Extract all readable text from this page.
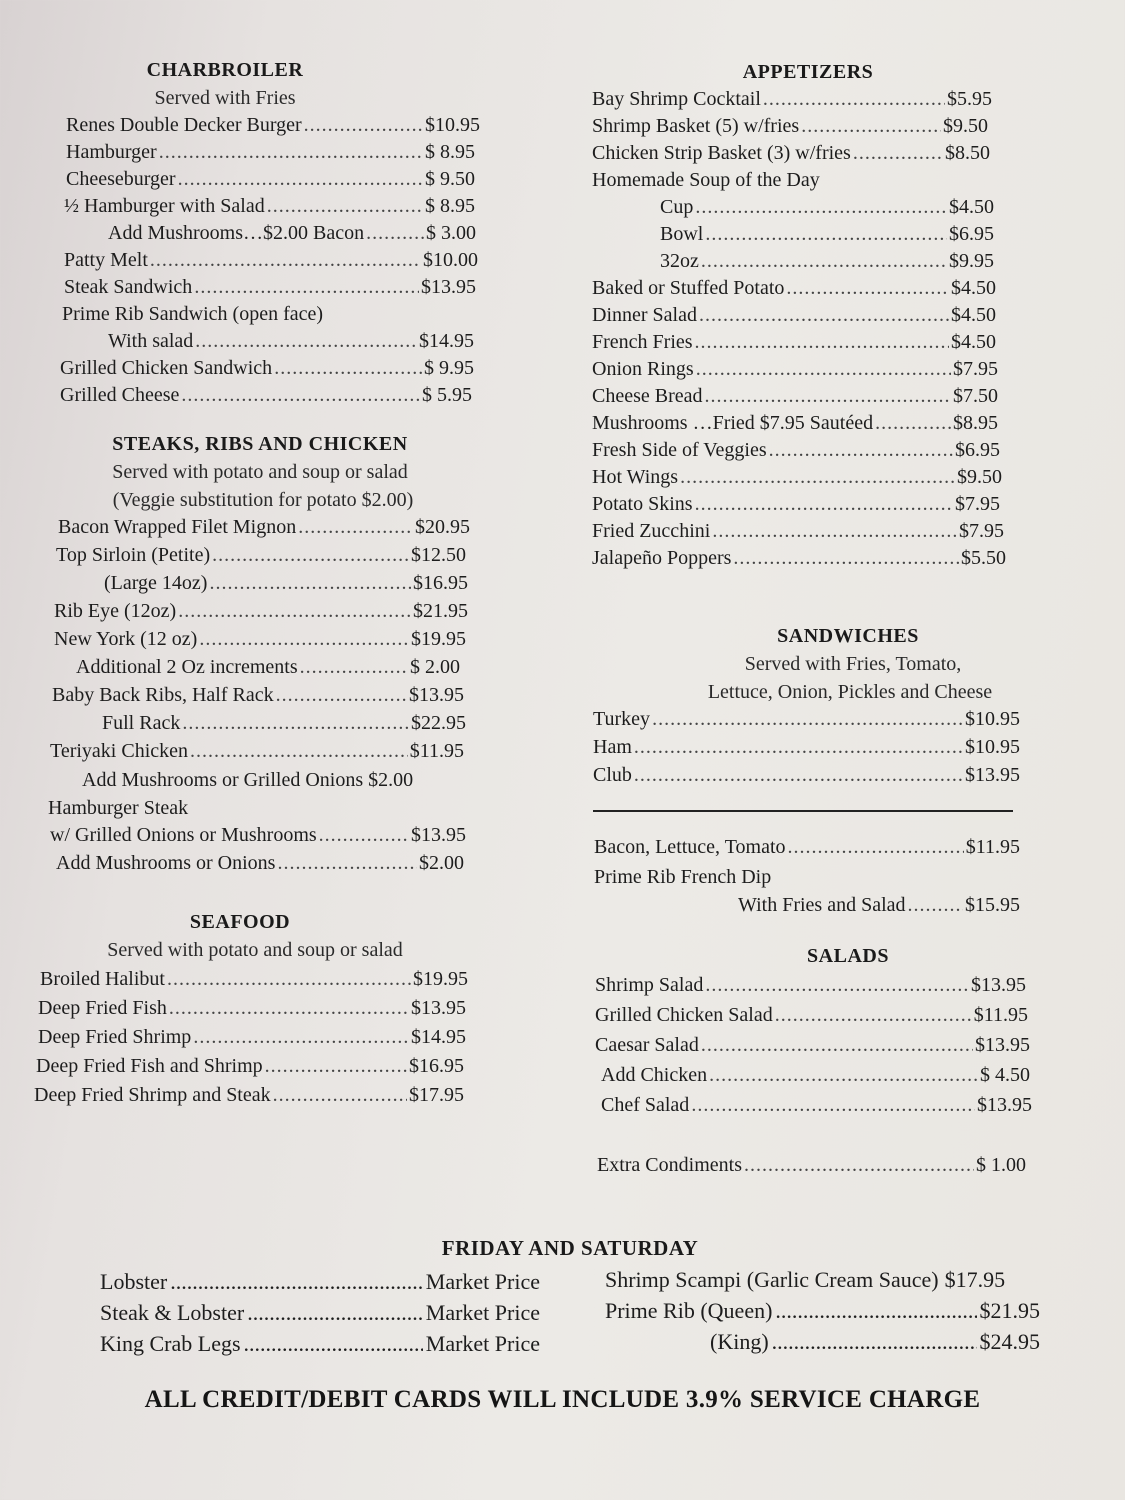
CHARBROILER
Served with Fries
Renes Double Decker Burger .....	$10.95
Hamburger .....	$ 8.95
Cheeseburger .....	$ 9.50
½ Hamburger with Salad .....	$ 8.95
Add Mushrooms…$2.00 Bacon .....	$ 3.00
Patty Melt .....	$10.00
Steak Sandwich .....	$13.95
Prime Rib Sandwich (open face)
With salad .....	$14.95
Grilled Chicken Sandwich .....	$ 9.95
Grilled Cheese .....	$ 5.95
STEAKS, RIBS AND CHICKEN
Served with potato and soup or salad
(Veggie substitution for potato $2.00)
Bacon Wrapped Filet Mignon .....	$20.95
Top Sirloin (Petite) .....	$12.50
(Large 14oz) .....	$16.95
Rib Eye (12oz) .....	$21.95
New York (12 oz) .....	$19.95
Additional 2 Oz increments .....	$ 2.00
Baby Back Ribs, Half Rack .....	$13.95
Full Rack .....	$22.95
Teriyaki Chicken .....	$11.95
Add Mushrooms or Grilled Onions $2.00
Hamburger Steak
w/ Grilled Onions or Mushrooms .....	$13.95
Add Mushrooms or Onions .....	$2.00
SEAFOOD
Served with potato and soup or salad
Broiled Halibut .....	$19.95
Deep Fried Fish .....	$13.95
Deep Fried Shrimp .....	$14.95
Deep Fried Fish and Shrimp .....	$16.95
Deep Fried Shrimp and Steak .....	$17.95
APPETIZERS
Bay Shrimp Cocktail .....	$5.95
Shrimp Basket (5) w/fries .....	$9.50
Chicken Strip Basket (3) w/fries .....	$8.50
Homemade Soup of the Day
Cup .....	$4.50
Bowl .....	$6.95
32oz .....	$9.95
Baked or Stuffed Potato .....	$4.50
Dinner Salad .....	$4.50
French Fries .....	$4.50
Onion Rings .....	$7.95
Cheese Bread .....	$7.50
Mushrooms …Fried $7.95 Sautéed .....	$8.95
Fresh Side of Veggies .....	$6.95
Hot Wings .....	$9.50
Potato Skins .....	$7.95
Fried Zucchini .....	$7.95
Jalapeño Poppers .....	$5.50
SANDWICHES
Served with Fries, Tomato,
Lettuce, Onion, Pickles and Cheese
Turkey .....	$10.95
Ham .....	$10.95
Club .....	$13.95
Bacon, Lettuce, Tomato .....	$11.95
Prime Rib French Dip
With Fries and Salad .....	$15.95
SALADS
Shrimp Salad .....	$13.95
Grilled Chicken Salad .....	$11.95
Caesar Salad .....	$13.95
Add Chicken .....	$ 4.50
Chef Salad .....	$13.95
Extra Condiments .....	$ 1.00
FRIDAY AND SATURDAY
Lobster .....	Market Price
Steak & Lobster .....	Market Price
King Crab Legs .....	Market Price
Shrimp Scampi (Garlic Cream Sauce) $17.95
Prime Rib (Queen) .....	$21.95
(King) .....	$24.95
ALL CREDIT/DEBIT CARDS WILL INCLUDE 3.9% SERVICE CHARGE
